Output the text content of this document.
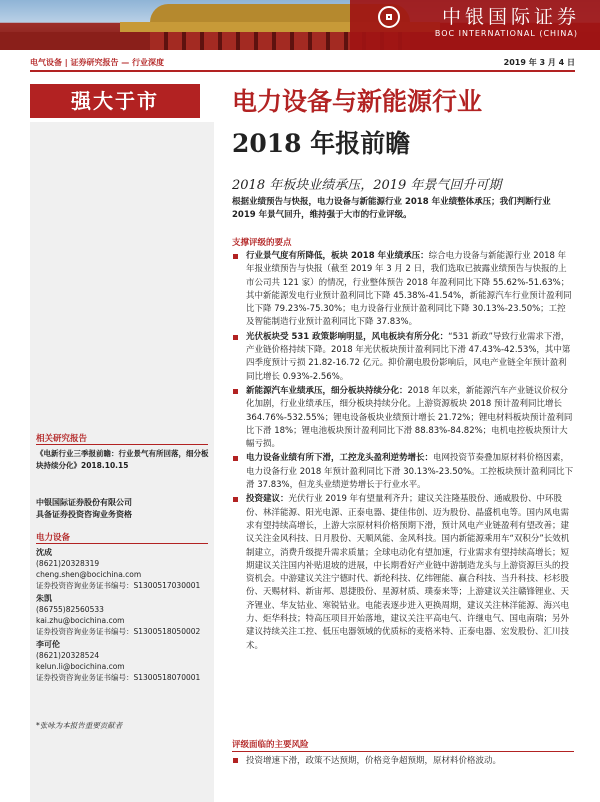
中银国际证券
BOC INTERNATIONAL (CHINA)
电气设备 | 证券研究报告 — 行业深度	2019 年 3 月 4 日
强大于市
相关研究报告
《电新行业三季报前瞻：行业景气有所回落，细分板块持续分化》2018.10.15
中银国际证券股份有限公司
具备证券投资咨询业务资格
电力设备
沈成
(8621)20328319
cheng.shen@bocichina.com
证券投资咨询业务证书编号：S1300517030001
朱凯
(86755)82560533
kai.zhu@bocichina.com
证券投资咨询业务证书编号：S1300518050002
李可伦
(8621)20328524
kelun.li@bocichina.com
证券投资咨询业务证书编号：S1300518070001
*张咏为本报告重要贡献者
电力设备与新能源行业
2018 年报前瞻
2018 年板块业绩承压，2019 年景气回升可期
根据业绩预告与快报，电力设备与新能源行业 2018 年业绩整体承压；我们判断行业 2019 年景气回升，维持强于大市的行业评级。
支撑评级的要点
行业景气度有所降低，板块 2018 年业绩承压：综合电力设备与新能源行业 2018 年年报业绩预告与快报（截至 2019 年 3 月 2 日，我们选取已披露业绩预告与快报的上市公司共 121 家）的情况，行业整体预告 2018 年盈利同比下降 55.62%-51.63%；其中新能源发电行业预计盈利同比下降 45.38%-41.54%，新能源汽车行业预计盈利同比下降 79.23%-75.30%；电力设备行业预计盈利同比下降 30.13%-23.50%；工控及智能制造行业预计盈利同比下降 37.83%。
光伏板块受 531 政策影响明显，风电板块有所分化：“531 新政”导致行业需求下滑，产业链价格持续下降。2018 年光伏板块预计盈利同比下滑 47.43%-42.53%，其中第四季度预计亏损 21.82-16.72 亿元。抑价潮电股份影响后，风电产业链全年预计盈利同比增长 0.93%-2.56%。
新能源汽车业绩承压，细分板块持续分化：2018 年以来，新能源汽车产业链议价权分化加剧，行业业绩承压，细分板块持续分化。上游资源板块 2018 预计盈利同比增长 364.76%-532.55%；锂电设备板块业绩预计增长 21.72%；锂电材料板块预计盈利同比下滑 18%；锂电池板块预计盈利同比下滑 88.83%-84.82%；电机电控板块预计大幅亏损。
电力设备业绩有所下滑，工控龙头盈利逆势增长：电网投资节奏叠加原材料价格因素，电力设备行业 2018 年预计盈利同比下滑 30.13%-23.50%。工控板块预计盈利同比下滑 37.83%，但龙头业绩逆势增长于行业水平。
投资建议：光伏行业 2019 年有望量利齐升；建议关注隆基股份、通威股份、中环股份、林洋能源、阳光电源、正泰电器、捷佳伟创、迈为股份、晶盛机电等。国内风电需求有望持续高增长，上游大宗原材料价格预期下滑，预计风电产业链盈利有望改善；建议关注金风科技、日月股份、天顺风能、金风科技。国内新能源乘用车“双积分”长效机制建立，消费升级提升需求质量；全球电动化有望加速，行业需求有望持续高增长；短期建议关注国内补贴退坡的进展，中长期看好产业链中游制造龙头与上游资源巨头的投资机会。中游建议关注宁德时代、新纶科技、亿纬锂能、赢合科技、当升科技、杉杉股份、天赐材料、新宙邦、恩捷股份、星源材质、璞泰来等；上游建议关注赣锋锂业、天齐锂业、华友钴业、寒锐钴业。电能表逐步进入更换周期，建议关注林洋能源、海兴电力、炬华科技；特高压项目开始落地，建议关注平高电气、许继电气、国电南瑞；另外建议持续关注工控、低压电器领域的优质标的麦格米特、正泰电器、宏发股份、汇川技术。
评级面临的主要风险
投资增速下滑，政策不达预期，价格竞争超预期，原材料价格波动。
